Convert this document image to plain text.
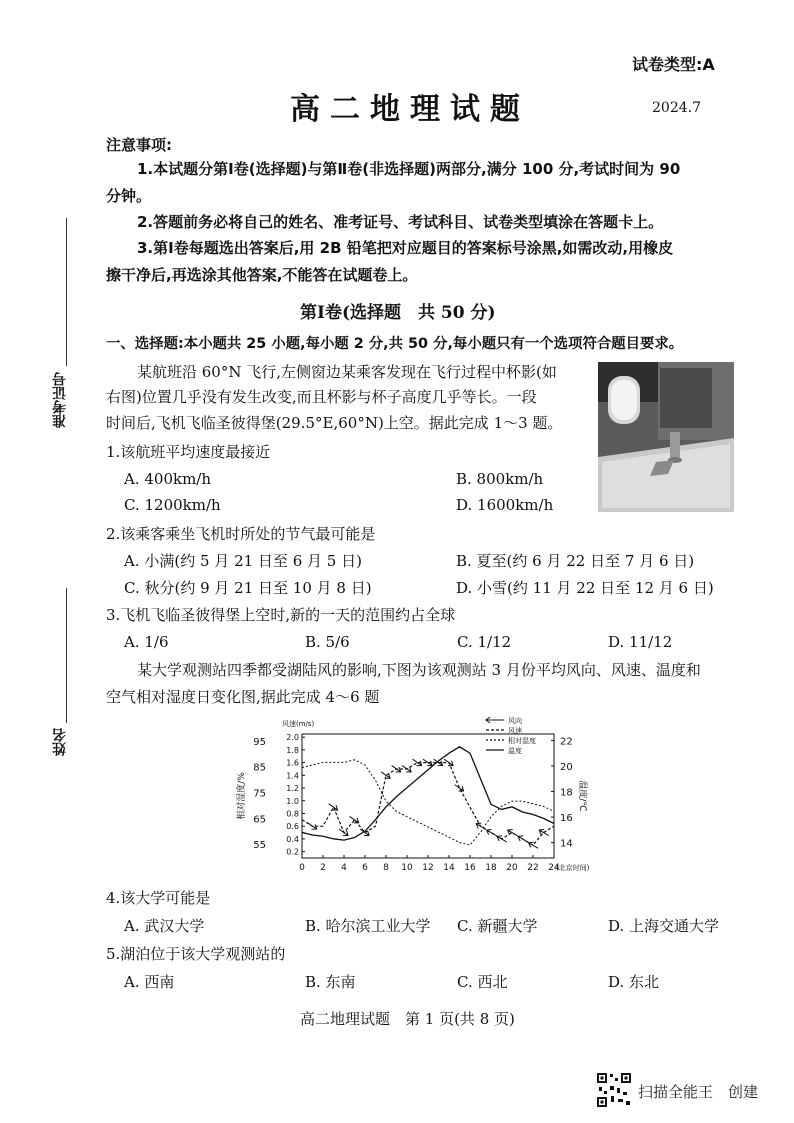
试卷类型:A
高二地理试题	2024.7
准考证号
姓名
注意事项:
1.本试题分第Ⅰ卷(选择题)与第Ⅱ卷(非选择题)两部分,满分 100 分,考试时间为 90
分钟。
2.答题前务必将自己的姓名、准考证号、考试科目、试卷类型填涂在答题卡上。
3.第Ⅰ卷每题选出答案后,用 2B 铅笔把对应题目的答案标号涂黑,如需改动,用橡皮
擦干净后,再选涂其他答案,不能答在试题卷上。
第Ⅰ卷(选择题　共 50 分)
一、选择题:本小题共 25 小题,每小题 2 分,共 50 分,每小题只有一个选项符合题目要求。
某航班沿 60°N 飞行,左侧窗边某乘客发现在飞行过程中杯影(如
右图)位置几乎没有发生改变,而且杯影与杯子高度几乎等长。一段
时间后,飞机飞临圣彼得堡(29.5°E,60°N)上空。据此完成 1～3 题。
1.该航班平均速度最接近
A. 400km/h	B. 800km/h
C. 1200km/h	D. 1600km/h
2.该乘客乘坐飞机时所处的节气最可能是
A. 小满(约 5 月 21 日至 6 月 5 日)	B. 夏至(约 6 月 22 日至 7 月 6 日)
C. 秋分(约 9 月 21 日至 10 月 8 日)	D. 小雪(约 11 月 22 日至 12 月 6 日)
3.飞机飞临圣彼得堡上空时,新的一天的范围约占全球
A. 1/6	B. 5/6	C. 1/12	D. 11/12
某大学观测站四季都受湖陆风的影响,下图为该观测站 3 月份平均风向、风速、温度和
空气相对湿度日变化图,据此完成 4～6 题
0 2 4 6 8 10 12 14 16 18 20 22 24
(北京时间)
95
85
75
65
55
相对湿度/%
2.0
1.8
1.6
1.4
1.2
1.0
0.8
0.6
0.4
0.2
风速(m/s)
22
20
18
16
14
温度/℃
风向
风速
相对湿度
温度
4.该大学可能是
A. 武汉大学	B. 哈尔滨工业大学 C. 新疆大学	D. 上海交通大学
5.湖泊位于该大学观测站的
A. 西南	B. 东南	C. 西北	D. 东北
高二地理试题　第 1 页(共 8 页)
扫描全能王　创建
